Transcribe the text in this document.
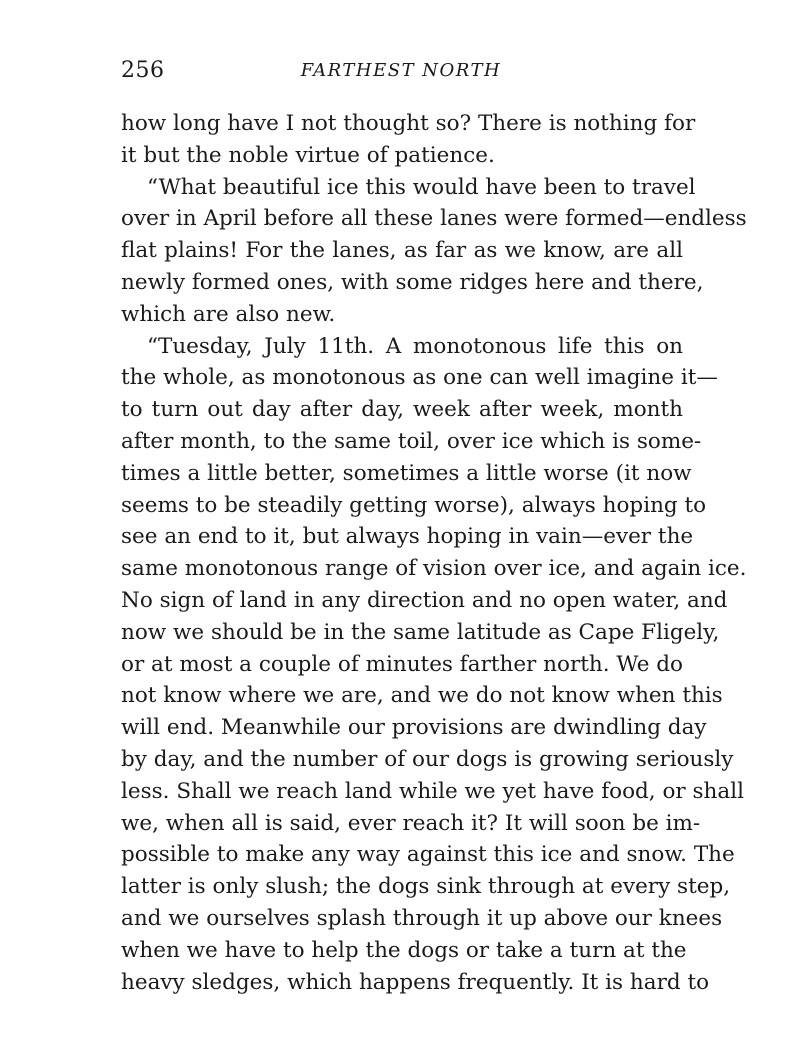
256	FARTHEST NORTH
how long have I not thought so? There is nothing for
it but the noble virtue of patience.
“What beautiful ice this would have been to travel
over in April before all these lanes were formed—endless
flat plains! For the lanes, as far as we know, are all
newly formed ones, with some ridges here and there,
which are also new.
“Tuesday, July 11th. A monotonous life this on
the whole, as monotonous as one can well imagine it—
to turn out day after day, week after week, month
after month, to the same toil, over ice which is some-
times a little better, sometimes a little worse (it now
seems to be steadily getting worse), always hoping to
see an end to it, but always hoping in vain—ever the
same monotonous range of vision over ice, and again ice.
No sign of land in any direction and no open water, and
now we should be in the same latitude as Cape Fligely,
or at most a couple of minutes farther north. We do
not know where we are, and we do not know when this
will end. Meanwhile our provisions are dwindling day
by day, and the number of our dogs is growing seriously
less. Shall we reach land while we yet have food, or shall
we, when all is said, ever reach it? It will soon be im-
possible to make any way against this ice and snow. The
latter is only slush; the dogs sink through at every step,
and we ourselves splash through it up above our knees
when we have to help the dogs or take a turn at the
heavy sledges, which happens frequently. It is hard to
